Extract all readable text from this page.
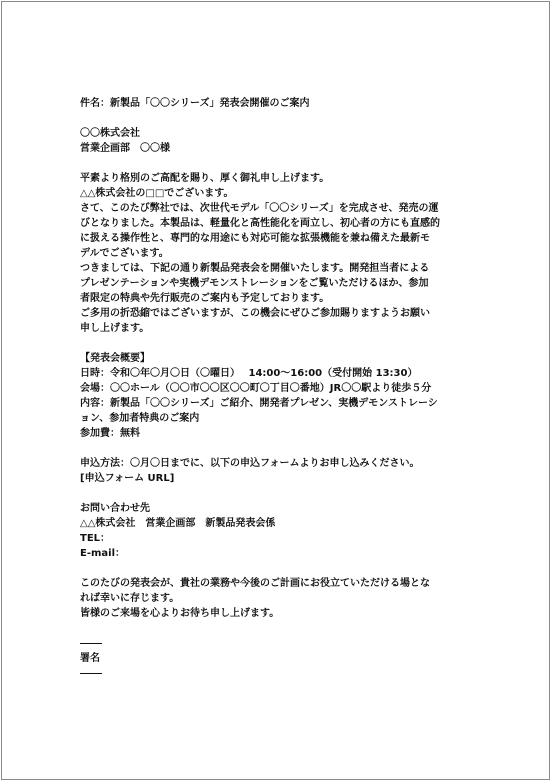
件名：新製品「〇〇シリーズ」発表会開催のご案内
〇〇株式会社
営業企画部　〇〇様
平素より格別のご高配を賜り、厚く御礼申し上げます。
△△株式会社の□□でございます。
さて、このたび弊社では、次世代モデル「〇〇シリーズ」を完成させ、発売の運
びとなりました。本製品は、軽量化と高性能化を両立し、初心者の方にも直感的
に扱える操作性と、専門的な用途にも対応可能な拡張機能を兼ね備えた最新モ
デルでございます。
つきましては、下記の通り新製品発表会を開催いたします。開発担当者による
プレゼンテーションや実機デモンストレーションをご覧いただけるほか、参加
者限定の特典や先行販売のご案内も予定しております。
ご多用の折恐縮ではございますが、この機会にぜひご参加賜りますようお願い
申し上げます。
【発表会概要】
日時：令和〇年〇月〇日（〇曜日）　 14:00～16:00（受付開始 13:30）
会場：〇〇ホール（〇〇市〇〇区〇〇町〇丁目〇番地）JR〇〇駅より徒歩５分
内容：新製品「〇〇シリーズ」ご紹介、開発者プレゼン、実機デモンストレーシ
ョン、参加者特典のご案内
参加費：無料
申込方法：〇月〇日までに、以下の申込フォームよりお申し込みください。
[申込フォーム URL]
お問い合わせ先
△△株式会社　営業企画部　新製品発表会係
TEL：
E-mail：
このたびの発表会が、貴社の業務や今後のご計画にお役立ていただける場とな
れば幸いに存じます。
皆様のご来場を心よりお待ち申し上げます。
署名
